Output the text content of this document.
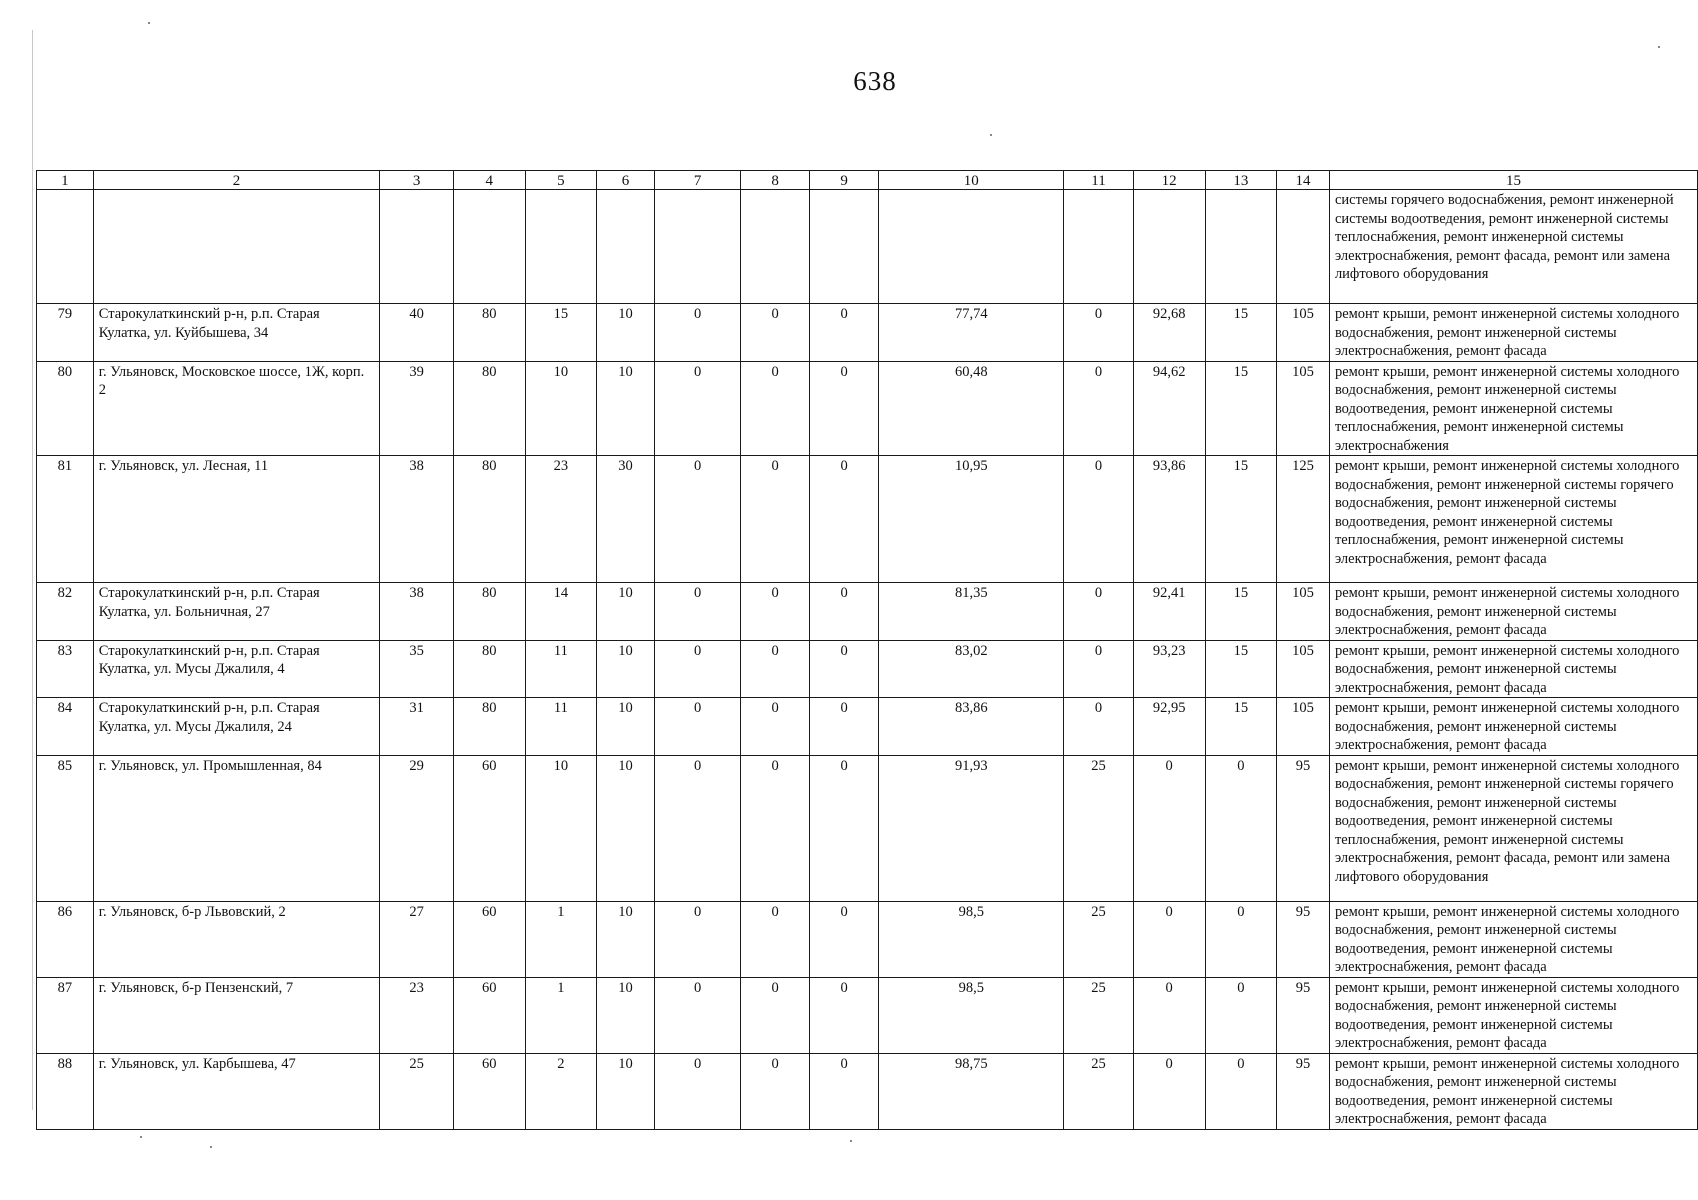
638
1	2	3	4	5	6	7	8	9	10	11	12	13	14	15
														системы горячего водоснабжения, ремонт инженерной системы водоотведения, ремонт инженерной системы теплоснабжения, ремонт инженерной системы электроснабжения, ремонт фасада, ремонт или замена лифтового оборудования
79	Старокулаткинский р-н, р.п. Старая Кулатка, ул. Куйбышева, 34	40	80	15	10	0	0	0	77,74	0	92,68	15	105	ремонт крыши, ремонт инженерной системы холодного водоснабжения, ремонт инженерной системы электроснабжения, ремонт фасада
80	г. Ульяновск, Московское шоссе, 1Ж, корп. 2	39	80	10	10	0	0	0	60,48	0	94,62	15	105	ремонт крыши, ремонт инженерной системы холодного водоснабжения, ремонт инженерной системы водоотведения, ремонт инженерной системы теплоснабжения, ремонт инженерной системы электроснабжения
81	г. Ульяновск, ул. Лесная, 11	38	80	23	30	0	0	0	10,95	0	93,86	15	125	ремонт крыши, ремонт инженерной системы холодного водоснабжения, ремонт инженерной системы горячего водоснабжения, ремонт инженерной системы водоотведения, ремонт инженерной системы теплоснабжения, ремонт инженерной системы электроснабжения, ремонт фасада
82	Старокулаткинский р-н, р.п. Старая Кулатка, ул. Больничная, 27	38	80	14	10	0	0	0	81,35	0	92,41	15	105	ремонт крыши, ремонт инженерной системы холодного водоснабжения, ремонт инженерной системы электроснабжения, ремонт фасада
83	Старокулаткинский р-н, р.п. Старая Кулатка, ул. Мусы Джалиля, 4	35	80	11	10	0	0	0	83,02	0	93,23	15	105	ремонт крыши, ремонт инженерной системы холодного водоснабжения, ремонт инженерной системы электроснабжения, ремонт фасада
84	Старокулаткинский р-н, р.п. Старая Кулатка, ул. Мусы Джалиля, 24	31	80	11	10	0	0	0	83,86	0	92,95	15	105	ремонт крыши, ремонт инженерной системы холодного водоснабжения, ремонт инженерной системы электроснабжения, ремонт фасада
85	г. Ульяновск, ул. Промышленная, 84	29	60	10	10	0	0	0	91,93	25	0	0	95	ремонт крыши, ремонт инженерной системы холодного водоснабжения, ремонт инженерной системы горячего водоснабжения, ремонт инженерной системы водоотведения, ремонт инженерной системы теплоснабжения, ремонт инженерной системы электроснабжения, ремонт фасада, ремонт или замена лифтового оборудования
86	г. Ульяновск, б-р Львовский, 2	27	60	1	10	0	0	0	98,5	25	0	0	95	ремонт крыши, ремонт инженерной системы холодного водоснабжения, ремонт инженерной системы водоотведения, ремонт инженерной системы электроснабжения, ремонт фасада
87	г. Ульяновск, б-р Пензенский, 7	23	60	1	10	0	0	0	98,5	25	0	0	95	ремонт крыши, ремонт инженерной системы холодного водоснабжения, ремонт инженерной системы водоотведения, ремонт инженерной системы электроснабжения, ремонт фасада
88	г. Ульяновск, ул. Карбышева, 47	25	60	2	10	0	0	0	98,75	25	0	0	95	ремонт крыши, ремонт инженерной системы холодного водоснабжения, ремонт инженерной системы водоотведения, ремонт инженерной системы электроснабжения, ремонт фасада
